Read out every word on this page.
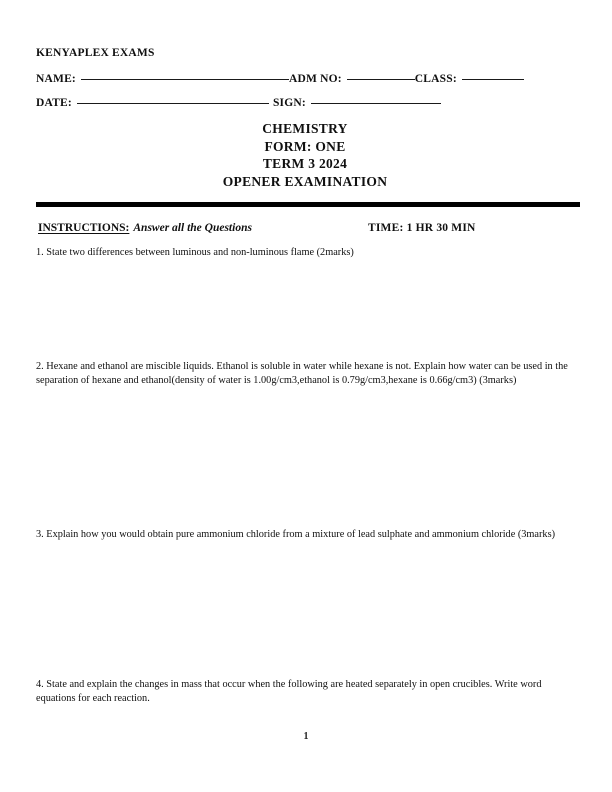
KENYAPLEX EXAMS
NAME:	ADM NO:	CLASS:
DATE:	SIGN:
CHEMISTRY
FORM: ONE
TERM 3 2024
OPENER EXAMINATION
INSTRUCTIONS: Answer all the Questions	TIME: 1 HR 30 MIN
1. State two differences between luminous and non-luminous flame (2marks)
2. Hexane and ethanol are miscible liquids. Ethanol is soluble in water while hexane is not. Explain how water can be used in the separation of hexane and ethanol(density of water is 1.00g/cm3,ethanol is 0.79g/cm3,hexane is 0.66g/cm3) (3marks)
3. Explain how you would obtain pure ammonium chloride from a mixture of lead sulphate and ammonium chloride (3marks)
4. State and explain the changes in mass that occur when the following are heated separately in open crucibles. Write word equations for each reaction.
1
